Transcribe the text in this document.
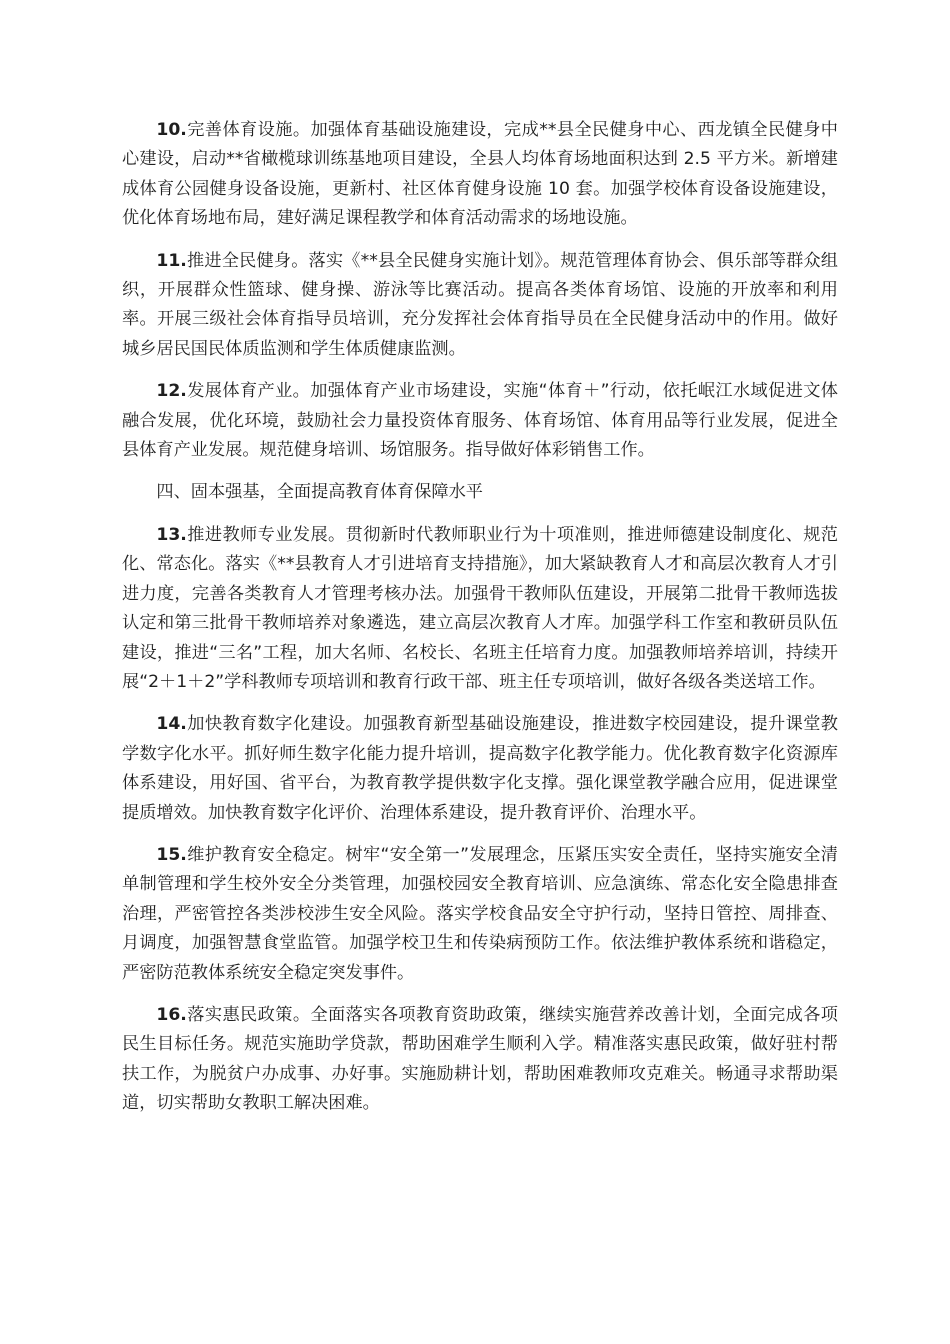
10.完善体育设施。加强体育基础设施建设，完成**县全民健身中心、西龙镇全民健身中心建设，启动**省橄榄球训练基地项目建设，全县人均体育场地面积达到 2.5 平方米。新增建成体育公园健身设备设施，更新村、社区体育健身设施 10 套。加强学校体育设备设施建设，优化体育场地布局，建好满足课程教学和体育活动需求的场地设施。

11.推进全民健身。落实《**县全民健身实施计划》。规范管理体育协会、俱乐部等群众组织，开展群众性篮球、健身操、游泳等比赛活动。提高各类体育场馆、设施的开放率和利用率。开展三级社会体育指导员培训，充分发挥社会体育指导员在全民健身活动中的作用。做好城乡居民国民体质监测和学生体质健康监测。

12.发展体育产业。加强体育产业市场建设，实施“体育＋”行动，依托岷江水域促进文体融合发展，优化环境，鼓励社会力量投资体育服务、体育场馆、体育用品等行业发展，促进全县体育产业发展。规范健身培训、场馆服务。指导做好体彩销售工作。

四、固本强基，全面提高教育体育保障水平

13.推进教师专业发展。贯彻新时代教师职业行为十项准则，推进师德建设制度化、规范化、常态化。落实《**县教育人才引进培育支持措施》，加大紧缺教育人才和高层次教育人才引进力度，完善各类教育人才管理考核办法。加强骨干教师队伍建设，开展第二批骨干教师选拔认定和第三批骨干教师培养对象遴选，建立高层次教育人才库。加强学科工作室和教研员队伍建设，推进“三名”工程，加大名师、名校长、名班主任培育力度。加强教师培养培训，持续开展“2＋1＋2”学科教师专项培训和教育行政干部、班主任专项培训，做好各级各类送培工作。

14.加快教育数字化建设。加强教育新型基础设施建设，推进数字校园建设，提升课堂教学数字化水平。抓好师生数字化能力提升培训，提高数字化教学能力。优化教育数字化资源库体系建设，用好国、省平台，为教育教学提供数字化支撑。强化课堂教学融合应用，促进课堂提质增效。加快教育数字化评价、治理体系建设，提升教育评价、治理水平。

15.维护教育安全稳定。树牢“安全第一”发展理念，压紧压实安全责任，坚持实施安全清单制管理和学生校外安全分类管理，加强校园安全教育培训、应急演练、常态化安全隐患排查治理，严密管控各类涉校涉生安全风险。落实学校食品安全守护行动，坚持日管控、周排查、月调度，加强智慧食堂监管。加强学校卫生和传染病预防工作。依法维护教体系统和谐稳定，严密防范教体系统安全稳定突发事件。

16.落实惠民政策。全面落实各项教育资助政策，继续实施营养改善计划，全面完成各项民生目标任务。规范实施助学贷款，帮助困难学生顺利入学。精准落实惠民政策，做好驻村帮扶工作，为脱贫户办成事、办好事。实施励耕计划，帮助困难教师攻克难关。畅通寻求帮助渠道，切实帮助女教职工解决困难。
